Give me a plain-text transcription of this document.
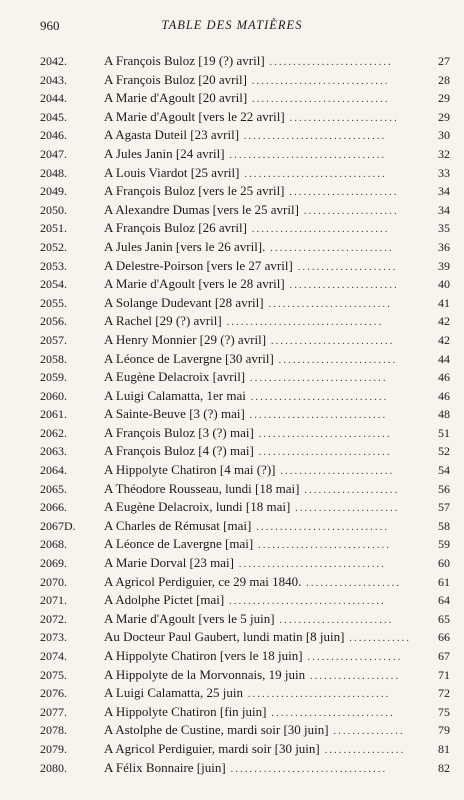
960	TABLE DES MATIÈRES
2042.	A François Buloz [19 (?) avril] ..........................	27
2043.	A François Buloz [20 avril] .............................	28
2044.	A Marie d'Agoult [20 avril] .............................	29
2045.	A Marie d'Agoult [vers le 22 avril] .......................	29
2046.	A Agasta Duteil [23 avril] ..............................	30
2047.	A Jules Janin [24 avril] .................................	32
2048.	A Louis Viardot [25 avril] ..............................	33
2049.	A François Buloz [vers le 25 avril] .......................	34
2050.	A Alexandre Dumas [vers le 25 avril] ....................	34
2051.	A François Buloz [26 avril] .............................	35
2052.	A Jules Janin [vers le 26 avril]. ..........................	36
2053.	A Delestre-Poirson [vers le 27 avril] .....................	39
2054.	A Marie d'Agoult [vers le 28 avril] .......................	40
2055.	A Solange Dudevant [28 avril] ..........................	41
2056.	A Rachel [29 (?) avril] .................................	42
2057.	A Henry Monnier [29 (?) avril] ..........................	42
2058.	A Léonce de Lavergne [30 avril] .........................	44
2059.	A Eugène Delacroix [avril] .............................	46
2060.	A Luigi Calamatta, 1er mai .............................	46
2061.	A Sainte-Beuve [3 (?) mai] .............................	48
2062.	A François Buloz [3 (?) mai] ............................	51
2063.	A François Buloz [4 (?) mai] ............................	52
2064.	A Hippolyte Chatiron [4 mai (?)] ........................	54
2065.	A Théodore Rousseau, lundi [18 mai] ....................	56
2066.	A Eugène Delacroix, lundi [18 mai] ......................	57
2067D.	A Charles de Rémusat [mai] ............................	58
2068.	A Léonce de Lavergne [mai] ............................	59
2069.	A Marie Dorval [23 mai] ...............................	60
2070.	A Agricol Perdiguier, ce 29 mai 1840. ....................	61
2071.	A Adolphe Pictet [mai] .................................	64
2072.	A Marie d'Agoult [vers le 5 juin] ........................	65
2073.	Au Docteur Paul Gaubert, lundi matin [8 juin] .............	66
2074.	A Hippolyte Chatiron [vers le 18 juin] ....................	67
2075.	A Hippolyte de la Morvonnais, 19 juin ...................	71
2076.	A Luigi Calamatta, 25 juin ..............................	72
2077.	A Hippolyte Chatiron [fin juin] ..........................	75
2078.	A Astolphe de Custine, mardi soir [30 juin] ...............	79
2079.	A Agricol Perdiguier, mardi soir [30 juin] .................	81
2080.	A Félix Bonnaire [juin] .................................	82
